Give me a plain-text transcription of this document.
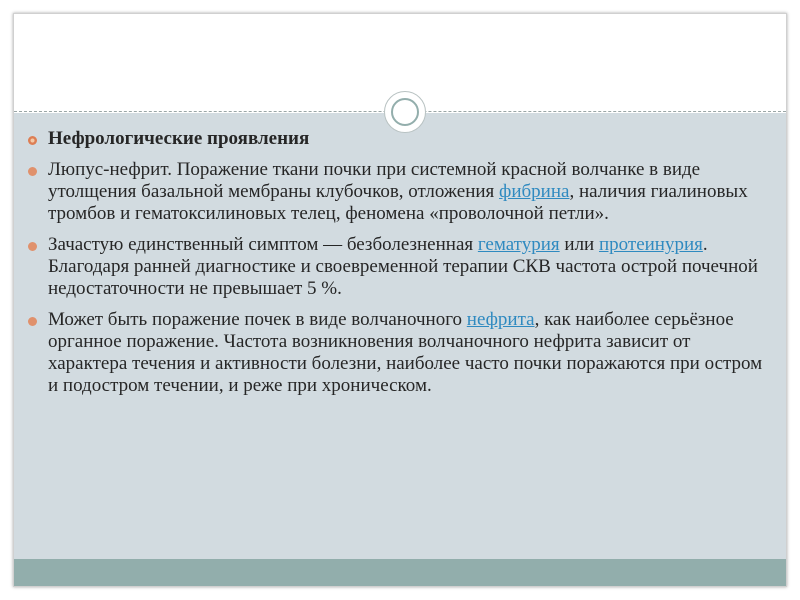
Нефрологические проявления
Люпус-нефрит. Поражение ткани почки при системной красной волчанке в виде утолщения базальной мембраны клубочков, отложения фибрина, наличия гиалиновых тромбов и гематоксилиновых телец, феномена «проволочной петли».
Зачастую единственный симптом — безболезненная гематурия или протеинурия. Благодаря ранней диагностике и своевременной терапии СКВ частота острой почечной недостаточности не превышает 5 %.
Может быть поражение почек в виде волчаночного нефрита, как наиболее серьёзное органное поражение. Частота возникновения волчаночного нефрита зависит от характера течения и активности болезни, наиболее часто почки поражаются при остром и подостром течении, и реже при хроническом.
